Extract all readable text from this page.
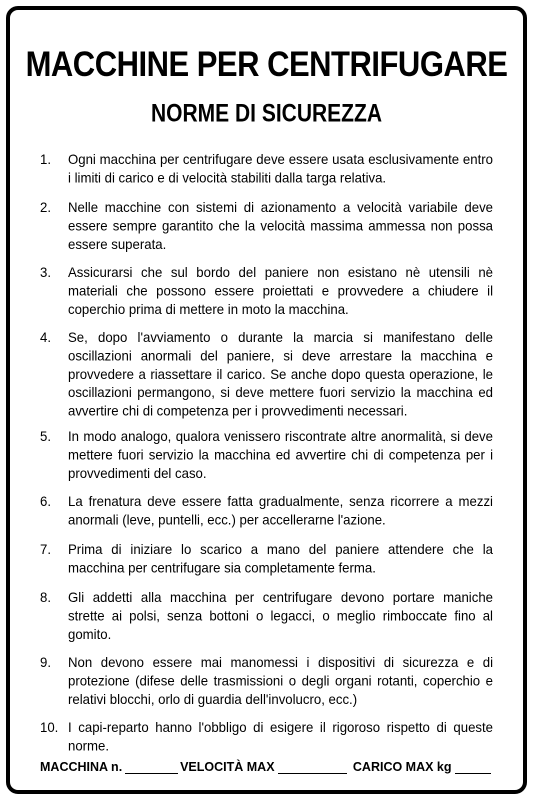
MACCHINE PER CENTRIFUGARE
NORME DI SICUREZZA
1.	Ogni macchina per centrifugare deve essere usata esclusivamente entro i limiti di carico e di velocità stabiliti dalla targa relativa.
2.	Nelle macchine con sistemi di azionamento a velocità variabile deve essere sempre garantito che la velocità massima ammessa non possa essere superata.
3.	Assicurarsi che sul bordo del paniere non esistano nè utensili nè materiali che possono essere proiettati e provvedere a chiudere il coperchio prima di mettere in moto la macchina.
4.	Se, dopo l'avviamento o durante la marcia si manifestano delle oscillazioni anormali del paniere, si deve arrestare la macchina e provvedere a riassettare il carico. Se anche dopo questa operazione, le oscillazioni permangono, si deve mettere fuori servizio la macchina ed avvertire chi di competenza per i provvedimenti necessari.
5.	In modo analogo, qualora venissero riscontrate altre anormalità, si deve mettere fuori servizio la macchina ed avvertire chi di competenza per i provvedimenti del caso.
6.	La frenatura deve essere fatta gradualmente, senza ricorrere a mezzi anormali (leve, puntelli, ecc.) per accellerarne l'azione.
7.	Prima di iniziare lo scarico a mano del paniere attendere che la macchina per centrifugare sia completamente ferma.
8.	Gli addetti alla macchina per centrifugare devono portare maniche strette ai polsi, senza bottoni o legacci, o meglio rimboccate fino al gomito.
9.	Non devono essere mai manomessi i dispositivi di sicurezza e di protezione (difese delle trasmissioni o degli organi rotanti, coperchio e relativi blocchi, orlo di guardia dell'involucro, ecc.)
10. I capi-reparto hanno l'obbligo di esigere il rigoroso rispetto di queste norme.
MACCHINA n.	VELOCITÀ MAX	CARICO MAX kg
